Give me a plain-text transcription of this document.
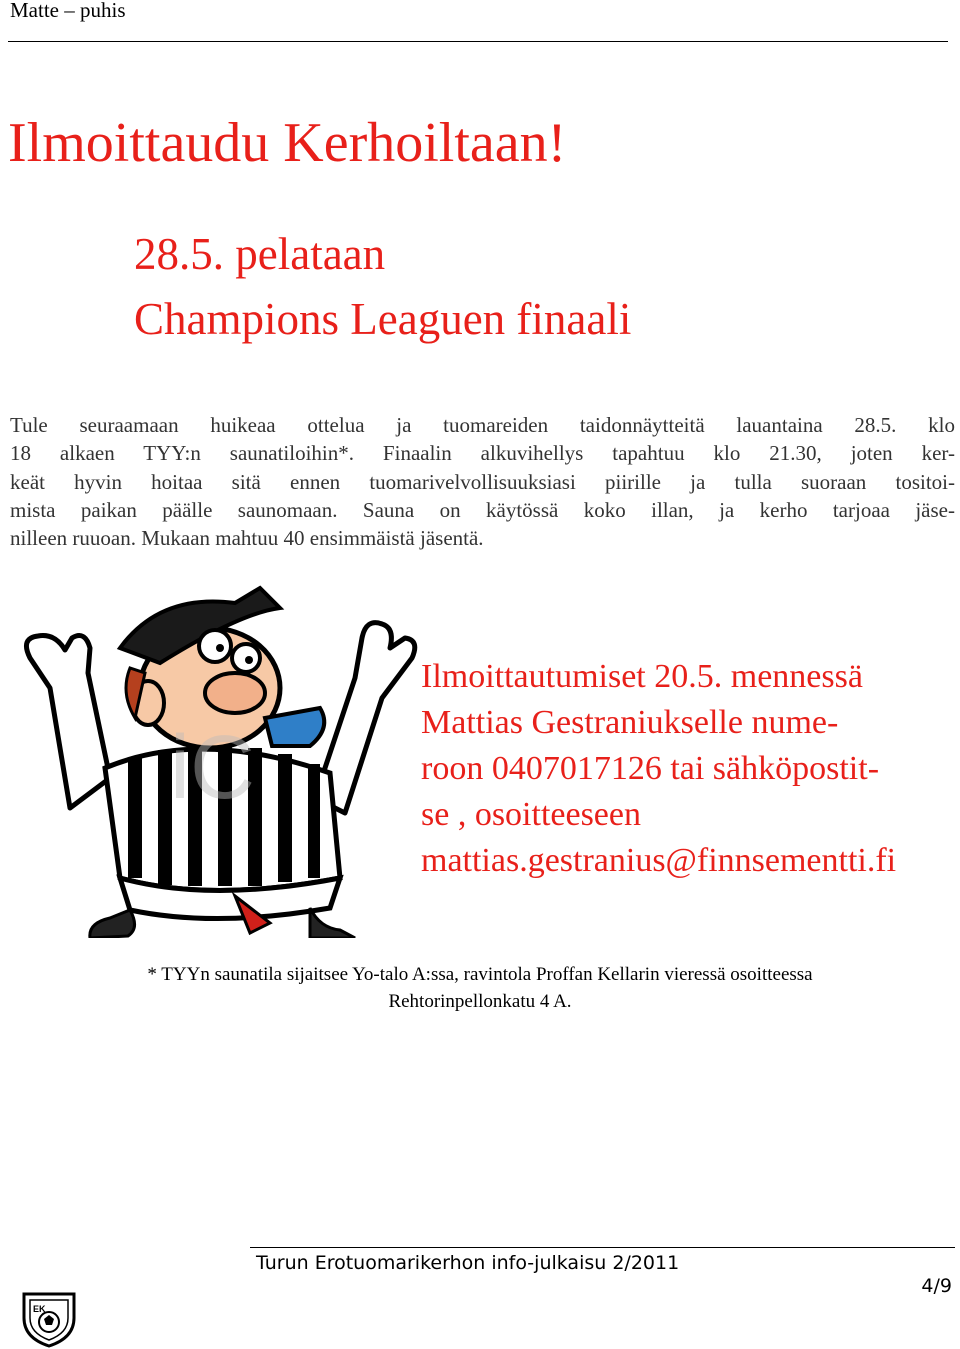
Matte – puhis
Ilmoittaudu Kerhoiltaan!
28.5. pelataan
Champions Leaguen finaali
Tule seuraamaan huikeaa ottelua ja tuomareiden taidonnäytteitä lauantaina 28.5. klo
18 alkaen TYY:n saunatiloihin*. Finaalin alkuvihellys tapahtuu klo 21.30, joten ker-
keät hyvin hoitaa sitä ennen tuomarivelvollisuuksiasi piirille ja tulla suoraan tositoi-
mista paikan päälle saunomaan. Sauna on käytössä koko illan, ja kerho tarjoaa jäse-
nilleen ruuoan. Mukaan mahtuu 40 ensimmäistä jäsentä.
iC
Ilmoittautumiset 20.5. mennessä
Mattias Gestraniukselle nume-
roon 0407017126 tai sähköpostit-
se , osoitteeseen
mattias.gestranius@finnsementti.fi
* TYYn saunatila sijaitsee Yo-talo A:ssa, ravintola Proffan Kellarin vieressä osoitteessa
Rehtorinpellonkatu 4 A.
Turun Erotuomarikerhon info-julkaisu 2/2011
4/9
EK
